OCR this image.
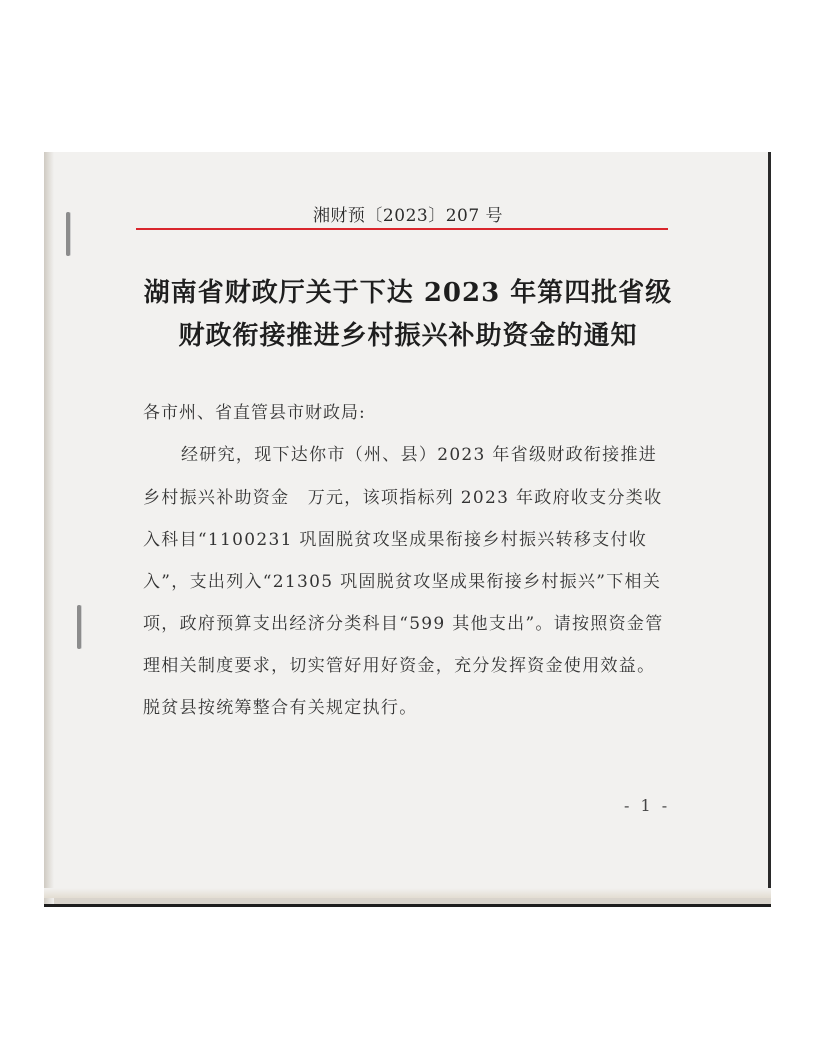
湘财预〔2023〕207 号
湖南省财政厅关于下达 2023 年第四批省级
财政衔接推进乡村振兴补助资金的通知
各市州、省直管县市财政局:
经研究，现下达你市（州、县）2023 年省级财政衔接推进
乡村振兴补助资金　万元，该项指标列 2023 年政府收支分类收
入科目“1100231 巩固脱贫攻坚成果衔接乡村振兴转移支付收
入”，支出列入“21305 巩固脱贫攻坚成果衔接乡村振兴”下相关
项，政府预算支出经济分类科目“599 其他支出”。请按照资金管
理相关制度要求，切实管好用好资金，充分发挥资金使用效益。
脱贫县按统筹整合有关规定执行。
- 1 -
